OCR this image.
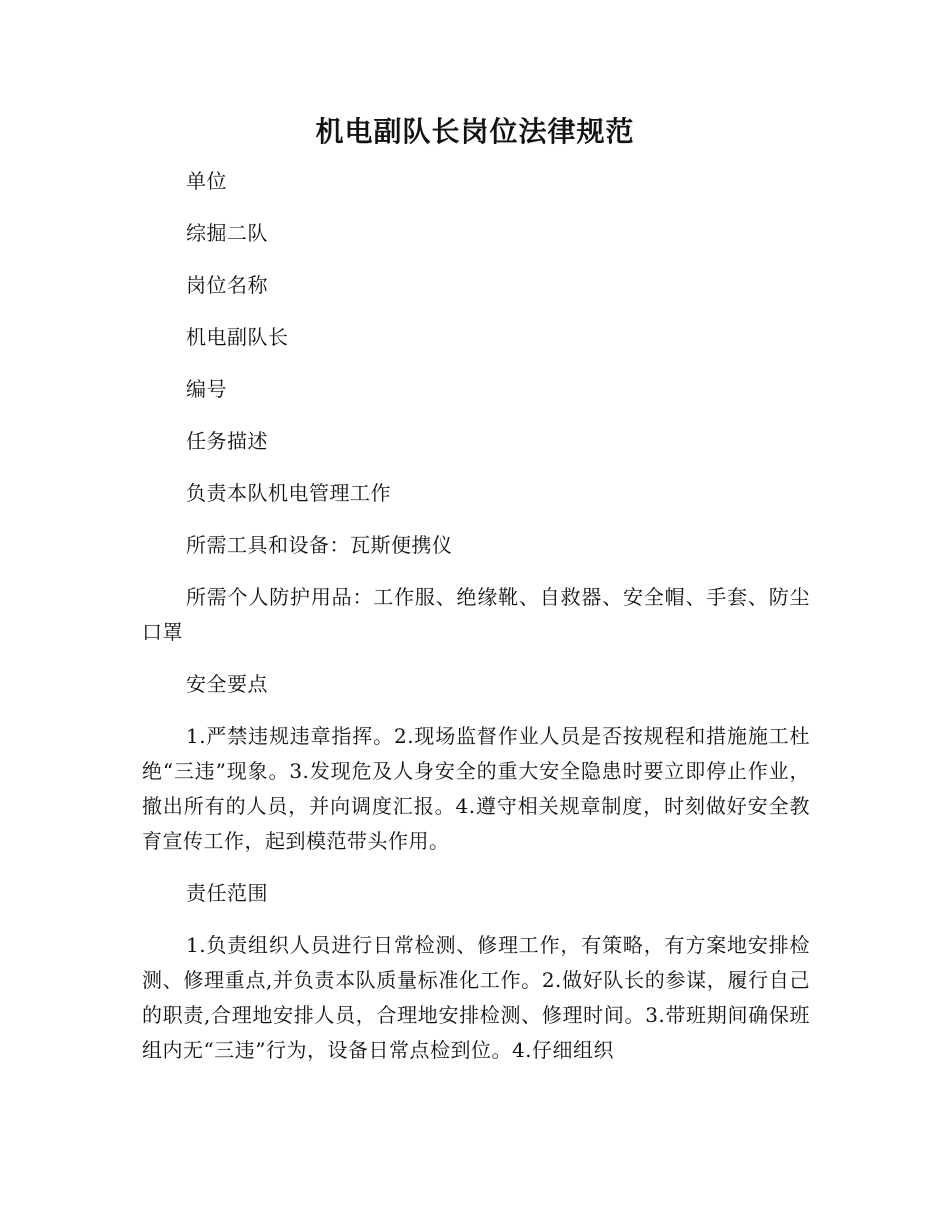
机电副队长岗位法律规范

单位

综掘二队

岗位名称

机电副队长

编号

任务描述

负责本队机电管理工作

所需工具和设备：瓦斯便携仪

所需个人防护用品：工作服、绝缘靴、自救器、安全帽、手套、防尘口罩

安全要点

1.严禁违规违章指挥。2.现场监督作业人员是否按规程和措施施工杜绝“三违”现象。3.发现危及人身安全的重大安全隐患时要立即停止作业，撤出所有的人员，并向调度汇报。4.遵守相关规章制度，时刻做好安全教育宣传工作，起到模范带头作用。

责任范围

1.负责组织人员进行日常检测、修理工作，有策略，有方案地安排检测、修理重点,并负责本队质量标准化工作。2.做好队长的参谋，履行自己的职责,合理地安排人员，合理地安排检测、修理时间。3.带班期间确保班组内无“三违”行为，设备日常点检到位。4.仔细组织
